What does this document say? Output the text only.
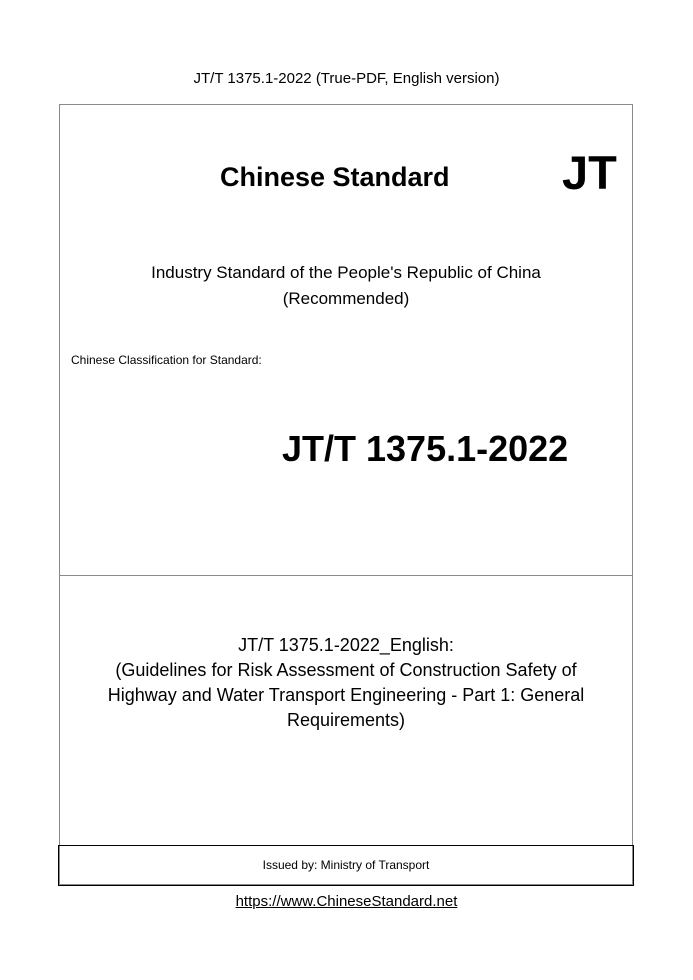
JT/T 1375.1-2022 (True-PDF, English version)
Chinese Standard JT
Industry Standard of the People's Republic of China
(Recommended)
Chinese Classification for Standard:
JT/T 1375.1-2022
JT/T 1375.1-2022_English:
(Guidelines for Risk Assessment of Construction Safety of
Highway and Water Transport Engineering - Part 1: General
Requirements)
Issued by: Ministry of Transport
https://www.ChineseStandard.net
